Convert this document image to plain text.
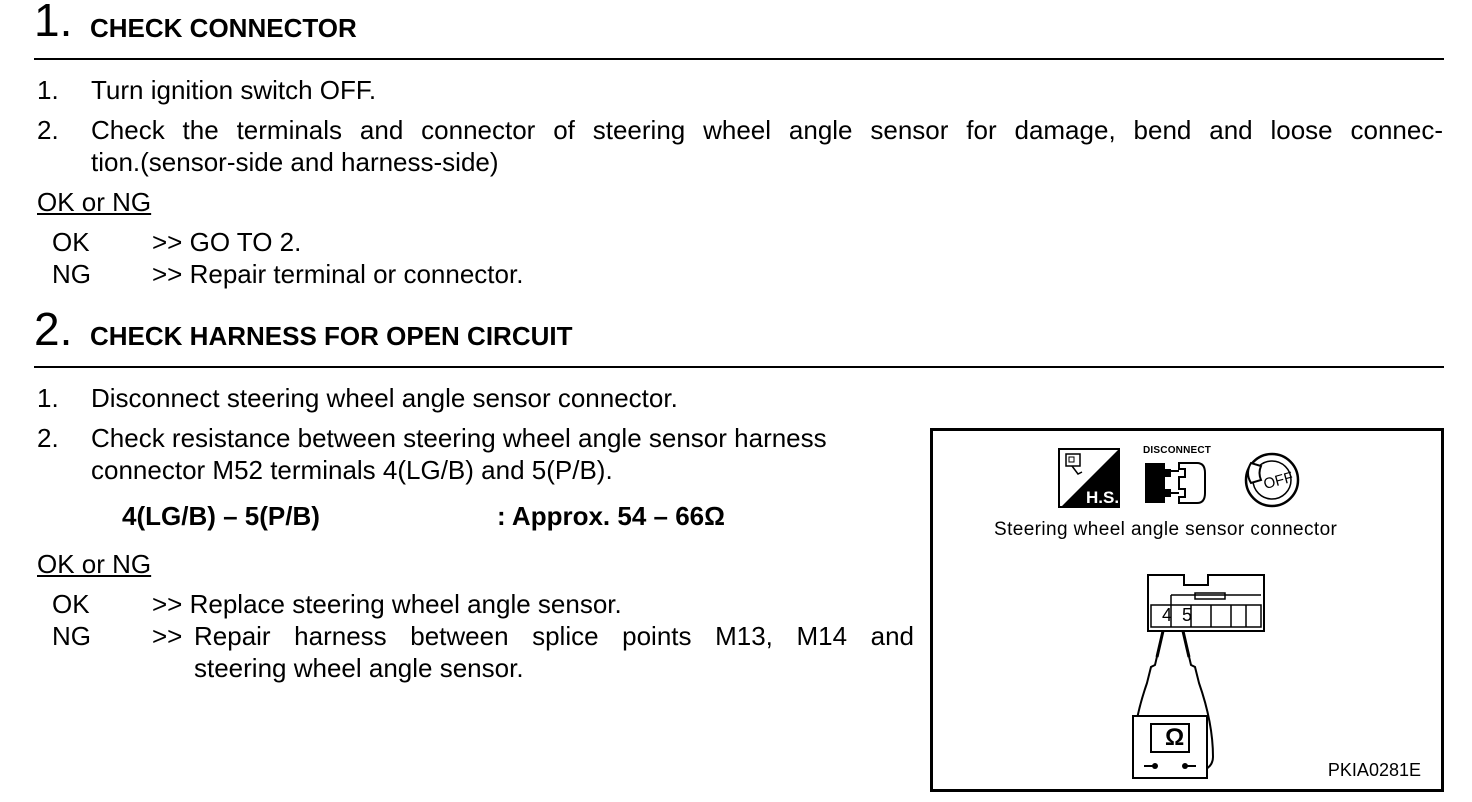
1. CHECK CONNECTOR
1. Turn ignition switch OFF.
2. Check the terminals and connector of steering wheel angle sensor for damage, bend and loose connec-
tion.(sensor-side and harness-side)
OK or NG
OK >> GO TO 2.
NG >> Repair terminal or connector.
2. CHECK HARNESS FOR OPEN CIRCUIT
1. Disconnect steering wheel angle sensor connector.
2. Check resistance between steering wheel angle sensor harness
connector M52 terminals 4(LG/B) and 5(P/B).
4(LG/B) – 5(P/B)	: Approx. 54 – 66Ω
OK or NG
OK >> Replace steering wheel angle sensor.
NG >> Repair harness between splice points M13, M14 and
steering wheel angle sensor.
H.S.
DISCONNECT
OFF
Steering wheel angle sensor connector
4 5
Ω
PKIA0281E
